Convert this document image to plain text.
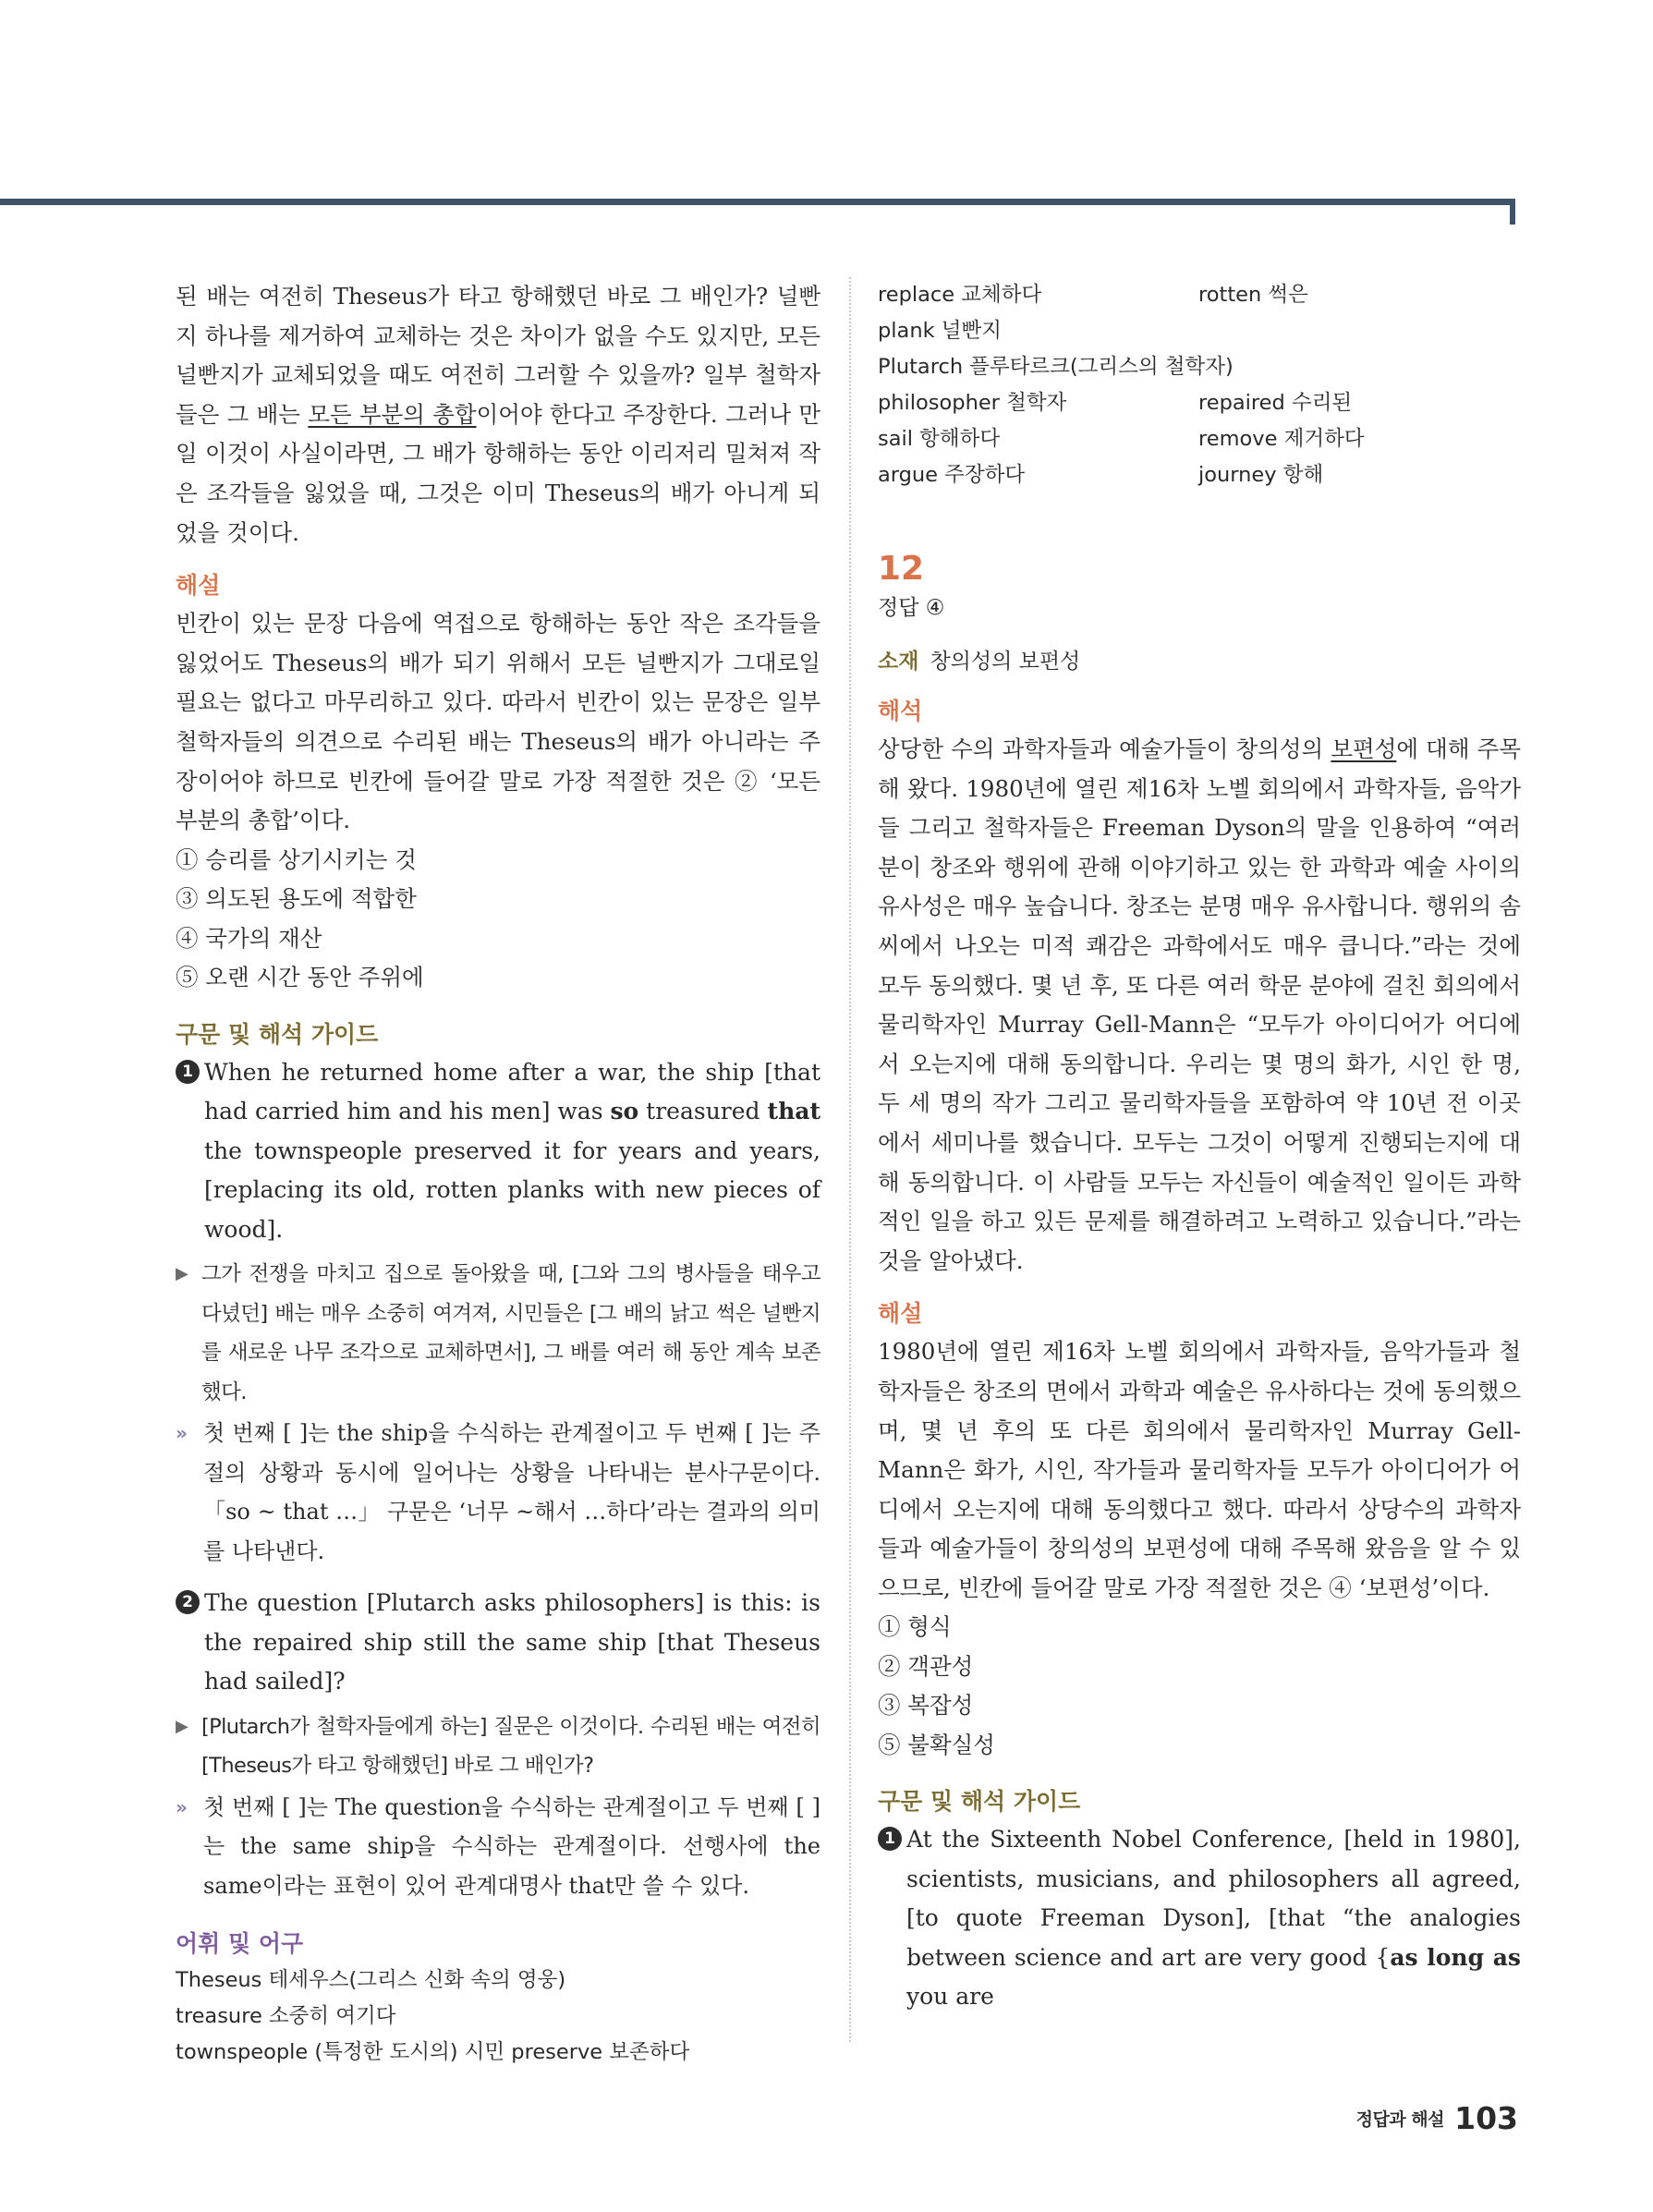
된 배는 여전히 Theseus가 타고 항해했던 바로 그 배인가? 널빤지 하나를 제거하여 교체하는 것은 차이가 없을 수도 있지만, 모든 널빤지가 교체되었을 때도 여전히 그러할 수 있을까? 일부 철학자들은 그 배는 모든 부분의 총합이어야 한다고 주장한다. 그러나 만일 이것이 사실이라면, 그 배가 항해하는 동안 이리저리 밀쳐져 작은 조각들을 잃었을 때, 그것은 이미 Theseus의 배가 아니게 되었을 것이다.

해설

빈칸이 있는 문장 다음에 역접으로 항해하는 동안 작은 조각들을 잃었어도 Theseus의 배가 되기 위해서 모든 널빤지가 그대로일 필요는 없다고 마무리하고 있다. 따라서 빈칸이 있는 문장은 일부 철학자들의 의견으로 수리된 배는 Theseus의 배가 아니라는 주장이어야 하므로 빈칸에 들어갈 말로 가장 적절한 것은 ② ‘모든 부분의 총합’이다.

① 승리를 상기시키는 것

③ 의도된 용도에 적합한

④ 국가의 재산

⑤ 오랜 시간 동안 주위에

구문 및 해석 가이드
1 When he returned home after a war, the ship [that had carried him and his men] was so treasured that the townspeople preserved it for years and years, [replacing its old, rotten planks with new pieces of wood].
▶ 그가 전쟁을 마치고 집으로 돌아왔을 때, [그와 그의 병사들을 태우고 다녔던] 배는 매우 소중히 여겨져, 시민들은 [그 배의 낡고 썩은 널빤지를 새로운 나무 조각으로 교체하면서], 그 배를 여러 해 동안 계속 보존했다.
» 첫 번째 [ ]는 the ship을 수식하는 관계절이고 두 번째 [ ]는 주절의 상황과 동시에 일어나는 상황을 나타내는 분사구문이다. 「so ~ that …」 구문은 ‘너무 ~해서 …하다’라는 결과의 의미를 나타낸다.
2 The question [Plutarch asks philosophers] is this: is the repaired ship still the same ship [that Theseus had sailed]?
▶ [Plutarch가 철학자들에게 하는] 질문은 이것이다. 수리된 배는 여전히 [Theseus가 타고 항해했던] 바로 그 배인가?
» 첫 번째 [ ]는 The question을 수식하는 관계절이고 두 번째 [ ]는 the same ship을 수식하는 관계절이다. 선행사에 the same이라는 표현이 있어 관계대명사 that만 쓸 수 있다.
어휘 및 어구
Theseus 테세우스(그리스 신화 속의 영웅)
treasure 소중히 여기다
townspeople (특정한 도시의) 시민 preserve 보존하다
replace 교체하다	rotten 썩은
plank 널빤지
Plutarch 플루타르크(그리스의 철학자)
philosopher 철학자	repaired 수리된
sail 항해하다	remove 제거하다
argue 주장하다	journey 항해
12

정답 ④

소재 창의성의 보편성

해석

상당한 수의 과학자들과 예술가들이 창의성의 보편성에 대해 주목해 왔다. 1980년에 열린 제16차 노벨 회의에서 과학자들, 음악가들 그리고 철학자들은 Freeman Dyson의 말을 인용하여 “여러분이 창조와 행위에 관해 이야기하고 있는 한 과학과 예술 사이의 유사성은 매우 높습니다. 창조는 분명 매우 유사합니다. 행위의 솜씨에서 나오는 미적 쾌감은 과학에서도 매우 큽니다.”라는 것에 모두 동의했다. 몇 년 후, 또 다른 여러 학문 분야에 걸친 회의에서 물리학자인 Murray Gell-Mann은 “모두가 아이디어가 어디에서 오는지에 대해 동의합니다. 우리는 몇 명의 화가, 시인 한 명, 두 세 명의 작가 그리고 물리학자들을 포함하여 약 10년 전 이곳에서 세미나를 했습니다. 모두는 그것이 어떻게 진행되는지에 대해 동의합니다. 이 사람들 모두는 자신들이 예술적인 일이든 과학적인 일을 하고 있든 문제를 해결하려고 노력하고 있습니다.”라는 것을 알아냈다.

해설

1980년에 열린 제16차 노벨 회의에서 과학자들, 음악가들과 철학자들은 창조의 면에서 과학과 예술은 유사하다는 것에 동의했으며, 몇 년 후의 또 다른 회의에서 물리학자인 Murray Gell-Mann은 화가, 시인, 작가들과 물리학자들 모두가 아이디어가 어디에서 오는지에 대해 동의했다고 했다. 따라서 상당수의 과학자들과 예술가들이 창의성의 보편성에 대해 주목해 왔음을 알 수 있으므로, 빈칸에 들어갈 말로 가장 적절한 것은 ④ ‘보편성’이다.

① 형식

② 객관성

③ 복잡성

⑤ 불확실성

구문 및 해석 가이드
1 At the Sixteenth Nobel Conference, [held in 1980], scientists, musicians, and philosophers all agreed, [to quote Freeman Dyson], [that “the analogies between science and art are very good {as long as you are
정답과 해설 103
